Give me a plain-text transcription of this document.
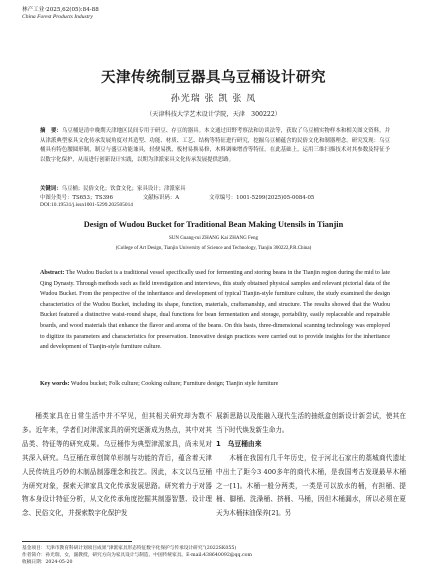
林产工业·2025,62(05):84-88
China Forest Products Industry
天津传统制豆器具乌豆桶设计研究
孙光瑞 张 凯 张 凤
（天津科技大学艺术设计学院，天津　300222）
摘　要：乌豆桶是清中晚期天津地区民间专用于研豆、存豆的器具。本文通过田野考察法和访谈法等，获取了乌豆桶实物样本和相关图文资料，并从津派典型家具文化传承发展角度对其造型、功能、材质、工艺、结构等特征进行研究，挖掘乌豆桶蕴含的民俗文化和制器理念。研究发现：乌豆桶具有特色腰圆形制，制豆与盛豆功能兼具，轻便易携，板材易换易修，木料调味增香等特征。在此基础上，运用三维扫描技术对其参数及特征予以数字化保护，从而进行创新设计实践，以期为津派家具文化传承发展提供思路。
关键词：乌豆桶；民俗文化；饮食文化；家具设计；津派家具
中图分类号：TS653；TS396	文献标识码：A	文章编号：1001-5299(2025)05-0084-05
DOI:10.19531/j.issn1001-5299.202505014
Design of Wudou Bucket for Traditional Bean Making Utensils in Tianjin
SUN Guang-rui ZHANG Kai ZHANG Feng
(College of Art Design, Tianjin University of Science and Technology, Tianjin 300222,P.R.China)
Abstract: The Wudou Bucket is a traditional vessel specifically used for fermenting and storing beans in the Tianjin region during the mid to late Qing Dynasty. Through methods such as field investigation and interviews, this study obtained physical samples and relevant pictorial data of the Wudou Bucket. From the perspective of the inheritance and development of typical Tianjin-style furniture culture, the study examined the design characteristics of the Wudou Bucket, including its shape, function, materials, craftsmanship, and structure. The results showed that the Wudou Bucket featured a distinctive waist-round shape, dual functions for bean fermentation and storage, portability, easily replaceable and repairable boards, and wood materials that enhance the flavor and aroma of the beans. On this basis, three-dimensional scanning technology was employed to digitize its parameters and characteristics for preservation. Innovative design practices were carried out to provide insights for the inheritance and development of Tianjin-style furniture culture.
Key words: Wudou bucket; Folk culture; Cooking culture; Furniture design; Tianjin style furniture

桶类家具在日常生活中并不罕见，但其相关研究却为数不多。近年来，学者们对津派家具的研究逐渐成为热点，其中对其品类、特征等的研究成果。乌豆桶作为典型津派家具，尚未见对其深入研究。乌豆桶在章创简单形制与功能的背后，蕴含着天津人民传统且巧妙的木制品制器理念和技艺。因此，本文以乌豆桶为研究对象，探索天津家具文化传承发展思路。研究着力于对器物本身设计特征分析，从文化传承角度挖掘其制器智慧、设计理念、民俗文化，并探索数字化保护发

展新思路以及能融入现代生活的抽纸盒创新设计新尝试，使其在当下时代焕发新生命力。

1　乌豆桶由来

木桶在我国有几千年历史，位于河北石家庄的藁城商代遗址中出土了距今3 400多年的商代木桶，是我国考古发现最早木桶之一[1]。木桶一般分两类，一类是可以放水的桶，有担桶、提桶、脚桶、洗澡桶、挤桶、马桶，因但木桶漏水，所以必须在夏天为木桶抹油保养[2]。另

基金项目：天津市教育科研计划项目成果“津派家具形态特征数字化保护与传承设计研究”(2022SK055)
作者简介：孙光瑞，女，副教授，研究方向为家具设计与制造、中国传统家具。E-mail:438640092@qq.com
收稿日期：2024-05-20
